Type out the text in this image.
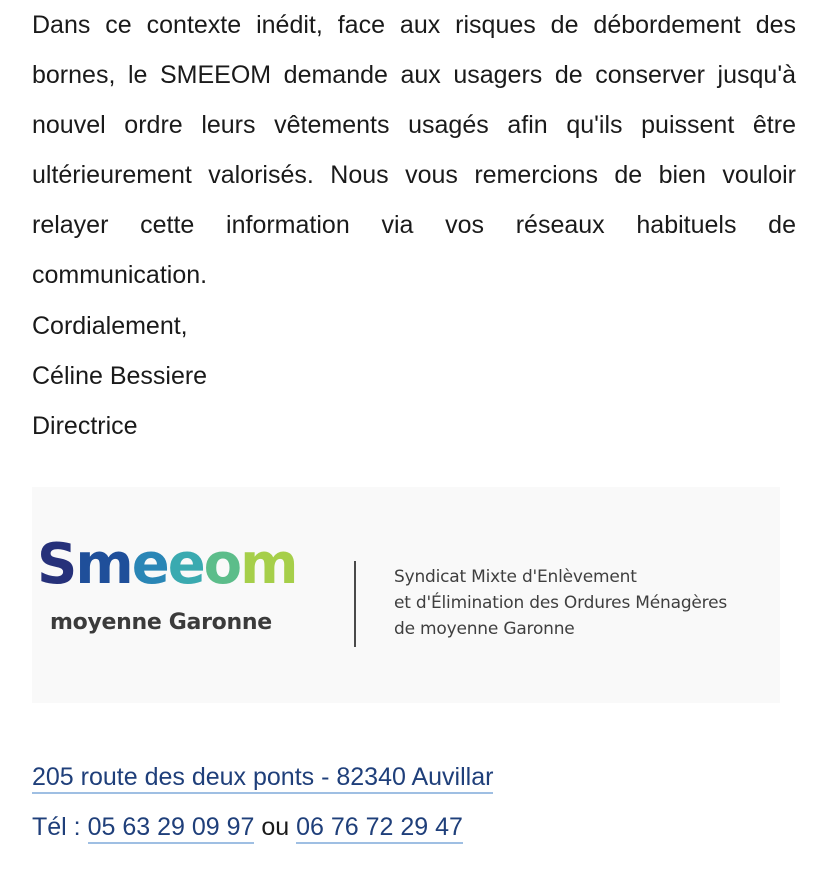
Dans ce contexte inédit, face aux risques de débordement des bornes, le SMEEOM demande aux usagers de conserver jusqu'à nouvel ordre leurs vêtements usagés afin qu'ils puissent être ultérieurement valorisés. Nous vous remercions de bien vouloir relayer cette information via vos réseaux habituels de communication.

Cordialement,

Céline Bessiere

Directrice

Smeeom
moyenne Garonne
Syndicat Mixte d'Enlèvement
et d'Élimination des Ordures Ménagères
de moyenne Garonne

205 route des deux ponts - 82340 Auvillar

Tél : 05 63 29 09 97 ou 06 76 72 29 47
